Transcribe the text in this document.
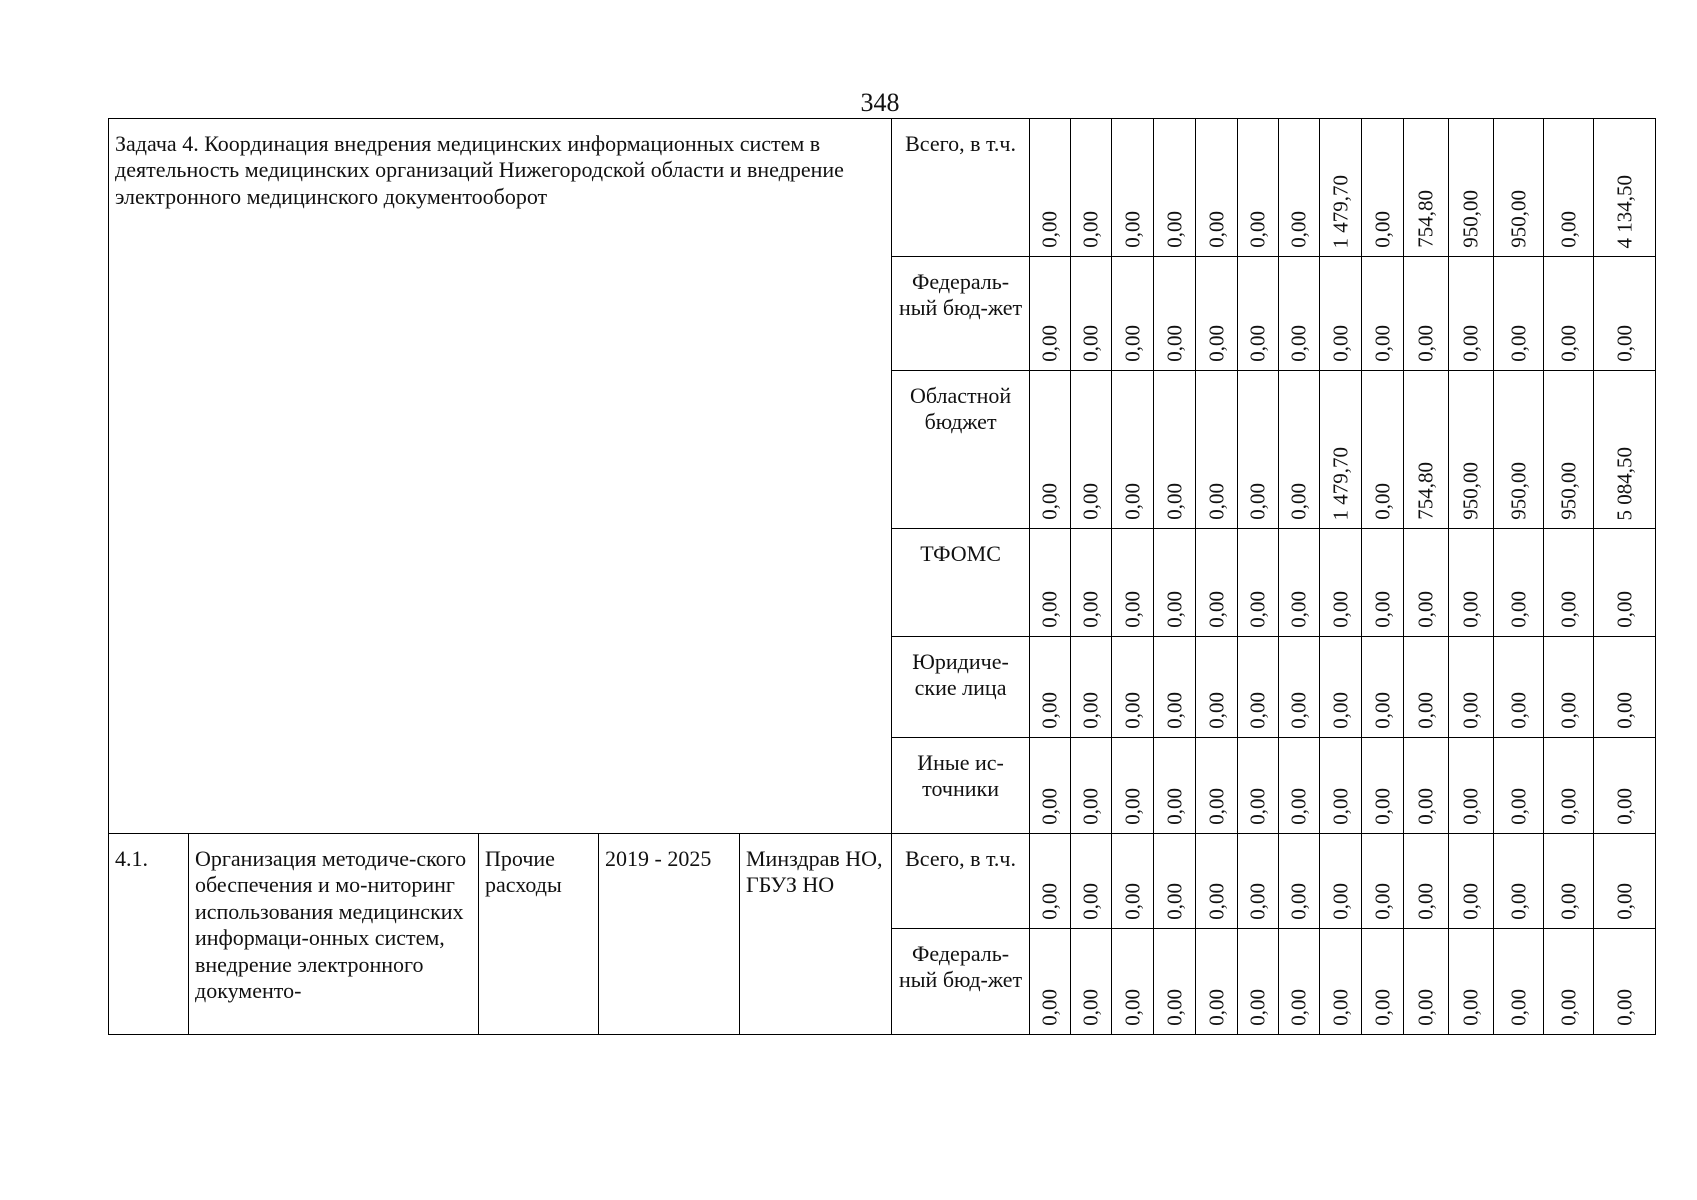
348
Задача 4. Координация внедрения медицинских информационных систем в деятельность медицинских организаций Нижегородской области и внедрение электронного медицинского документооборот					Всего, в т.ч.	0,00	0,00	0,00	0,00	0,00	0,00	0,00	1 479,70	0,00	754,80	950,00	950,00	0,00	4 134,50

					Федераль-ный бюд-жет	0,00	0,00	0,00	0,00	0,00	0,00	0,00	0,00	0,00	0,00	0,00	0,00	0,00	0,00

					Областной бюджет	0,00	0,00	0,00	0,00	0,00	0,00	0,00	1 479,70	0,00	754,80	950,00	950,00	950,00	5 084,50

					ТФОМС	0,00	0,00	0,00	0,00	0,00	0,00	0,00	0,00	0,00	0,00	0,00	0,00	0,00	0,00

					Юридиче-ские лица	0,00	0,00	0,00	0,00	0,00	0,00	0,00	0,00	0,00	0,00	0,00	0,00	0,00	0,00

					Иные ис-точники	0,00	0,00	0,00	0,00	0,00	0,00	0,00	0,00	0,00	0,00	0,00	0,00	0,00	0,00

4.1.	Организация методиче-ского обеспечения и мо-ниторинг использования медицинских информаци-онных систем, внедрение электронного документо-	Прочие расходы	2019 - 2025	Минздрав НО, ГБУЗ НО	Всего, в т.ч.	0,00	0,00	0,00	0,00	0,00	0,00	0,00	0,00	0,00	0,00	0,00	0,00	0,00	0,00

					Федераль-ный бюд-жет	0,00	0,00	0,00	0,00	0,00	0,00	0,00	0,00	0,00	0,00	0,00	0,00	0,00	0,00
